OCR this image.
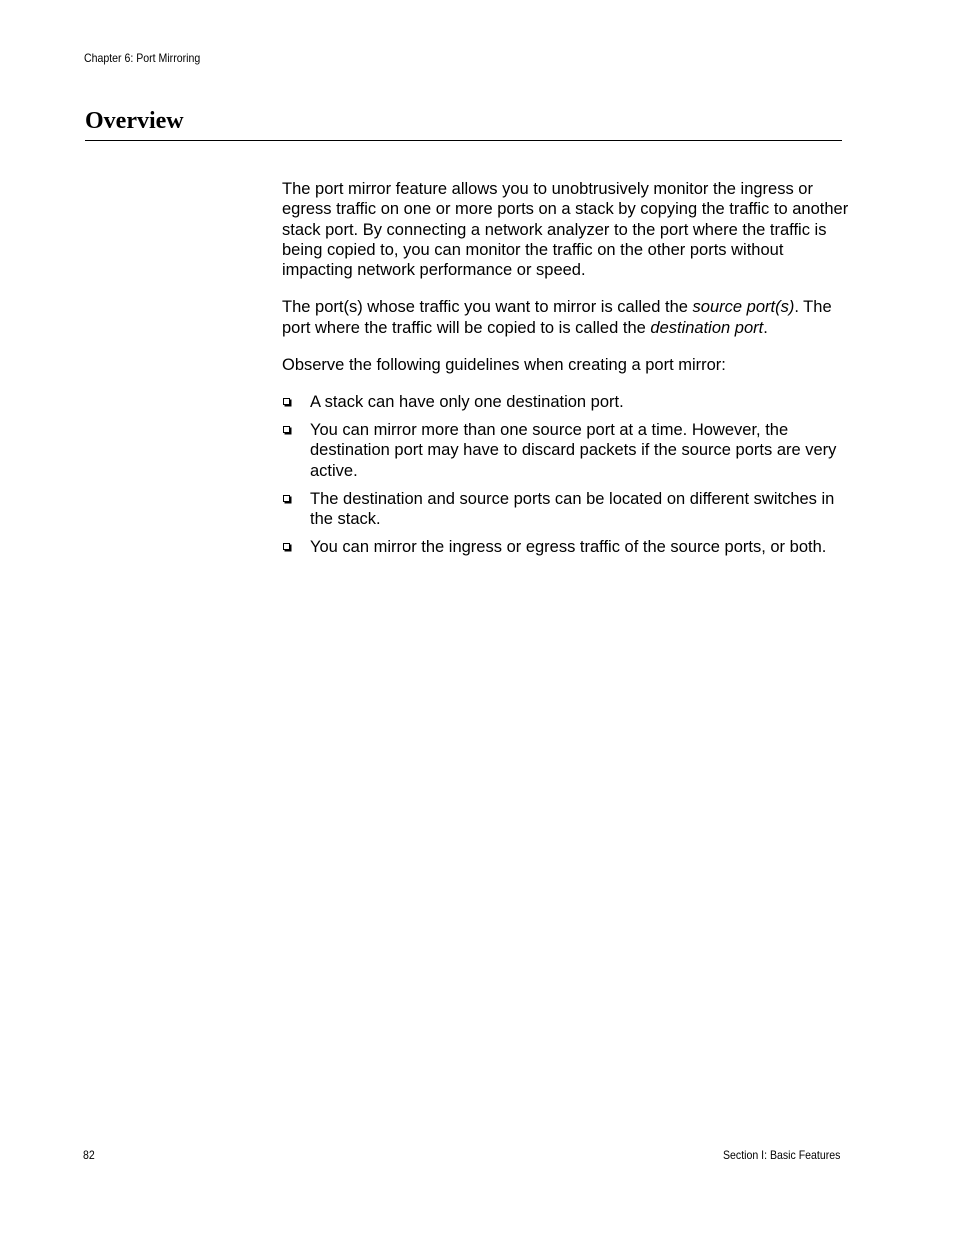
Chapter 6: Port Mirroring
Overview

The port mirror feature allows you to unobtrusively monitor the ingress or egress traffic on one or more ports on a stack by copying the traffic to another stack port. By connecting a network analyzer to the port where the traffic is being copied to, you can monitor the traffic on the other ports without impacting network performance or speed.

The port(s) whose traffic you want to mirror is called the source port(s). The port where the traffic will be copied to is called the destination port.

Observe the following guidelines when creating a port mirror:

A stack can have only one destination port.
You can mirror more than one source port at a time. However, the destination port may have to discard packets if the source ports are very active.
The destination and source ports can be located on different switches in the stack.
You can mirror the ingress or egress traffic of the source ports, or both.
82	Section I: Basic Features
